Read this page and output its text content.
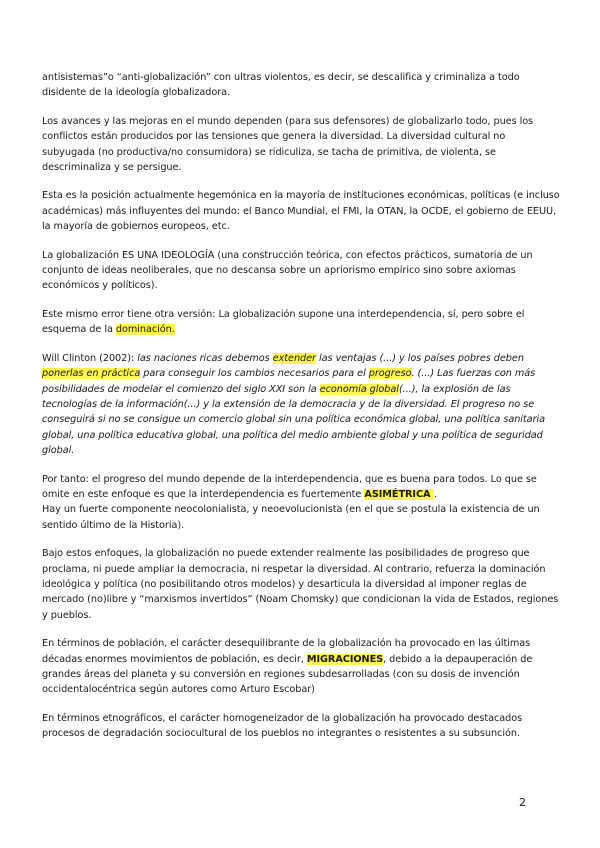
antisistemas”o “anti-globalización” con ultras violentos, es decir, se descalifica y criminaliza a todo disidente de la ideología globalizadora.

Los avances y las mejoras en el mundo dependen (para sus defensores) de globalizarlo todo, pues los conflictos están producidos por las tensiones que genera la diversidad. La diversidad cultural no subyugada (no productiva/no consumidora) se ridiculiza, se tacha de primitiva, de violenta, se descriminaliza y se persigue.

Esta es la posición actualmente hegemónica en la mayoría de instituciones económicas, políticas (e incluso académicas) más influyentes del mundo: el Banco Mundial, el FMI, la OTAN, la OCDE, el gobierno de EEUU, la mayoría de gobiernos europeos, etc.

La globalización ES UNA IDEOLOGÍA (una construcción teórica, con efectos prácticos, sumatoria de un conjunto de ideas neoliberales, que no descansa sobre un apriorismo empírico sino sobre axiomas económicos y políticos).

Este mismo error tiene otra versión: La globalización supone una interdependencia, sí, pero sobre el esquema de la dominación.

Will Clinton (2002): las naciones ricas debemos extender las ventajas (...) y los países pobres deben ponerlas en práctica para conseguir los cambios necesarios para el progreso. (...) Las fuerzas con más posibilidades de modelar el comienzo del siglo XXI son la economía global(...), la explosión de las tecnologías de la información(...) y la extensión de la democracia y de la diversidad. El progreso no se conseguirá si no se consigue un comercio global sin una política económica global, una política sanitaria global, una política educativa global, una política del medio ambiente global y una política de seguridad global.

Por tanto: el progreso del mundo depende de la interdependencia, que es buena para todos. Lo que se omite en este enfoque es que la interdependencia es fuertemente ASIMÉTRICA .
Hay un fuerte componente neocolonialista, y neoevolucionista (en el que se postula la existencia de un sentido último de la Historia).

Bajo estos enfoques, la globalización no puede extender realmente las posibilidades de progreso que proclama, ni puede ampliar la democracia, ni respetar la diversidad. Al contrario, refuerza la dominación ideológica y política (no posibilitando otros modelos) y desarticula la diversidad al imponer reglas de mercado (no)libre y “marxismos invertidos” (Noam Chomsky) que condicionan la vida de Estados, regiones y pueblos.

En términos de población, el carácter desequilibrante de la globalización ha provocado en las últimas décadas enormes movimientos de población, es decir, MIGRACIONES, debido a la depauperación de grandes áreas del planeta y su conversión en regiones subdesarrolladas (con su dosis de invención occidentalocéntrica según autores como Arturo Escobar)

En términos etnográficos, el carácter homogeneizador de la globalización ha provocado destacados procesos de degradación sociocultural de los pueblos no integrantes o resistentes a su subsunción.

2
